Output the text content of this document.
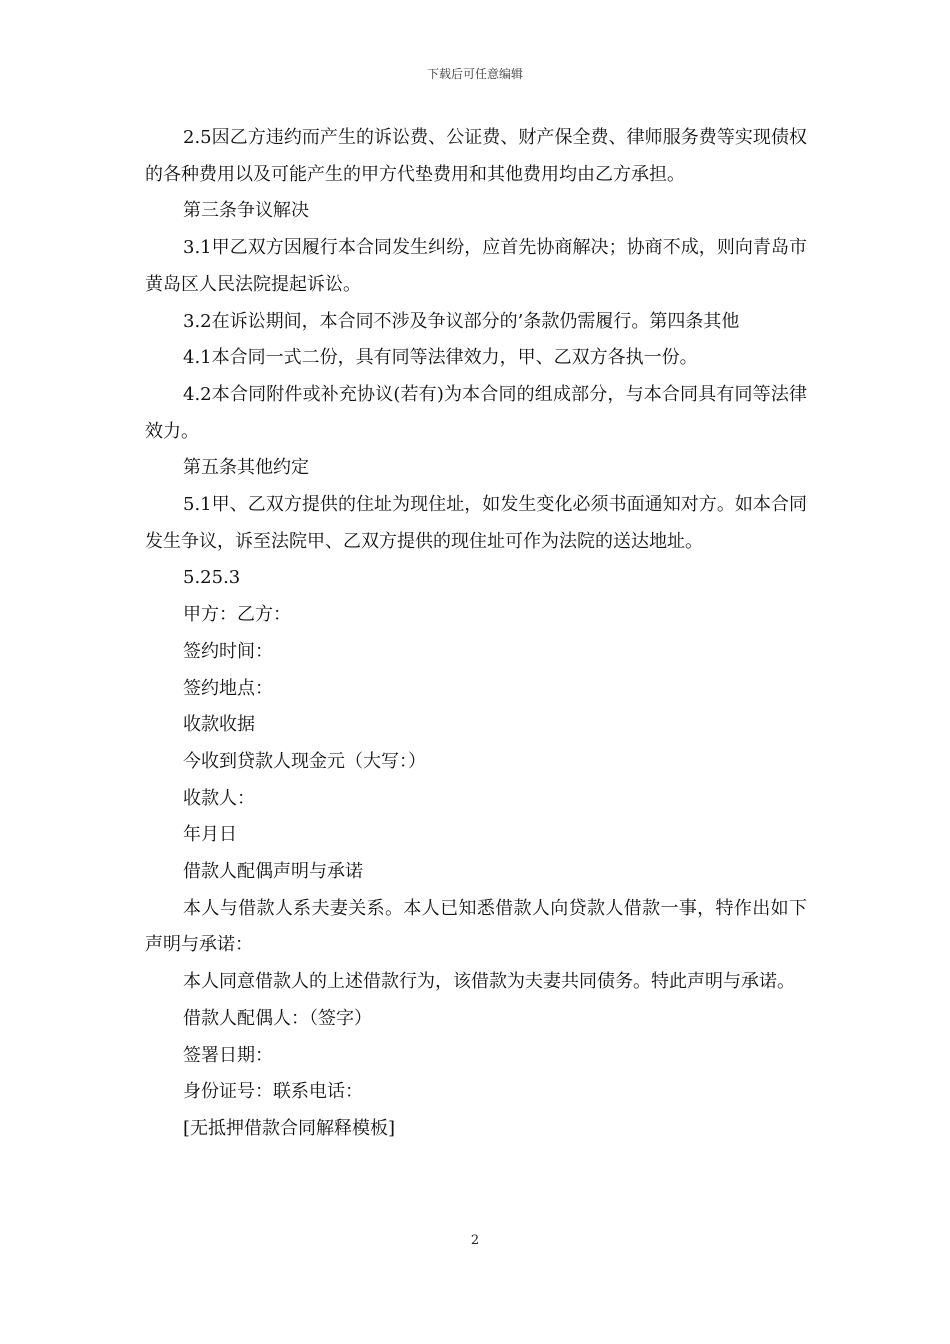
下载后可任意编辑

2.5因乙方违约而产生的诉讼费、公证费、财产保全费、律师服务费等实现债权的各种费用以及可能产生的甲方代垫费用和其他费用均由乙方承担。

第三条争议解决

3.1甲乙双方因履行本合同发生纠纷，应首先协商解决；协商不成，则向青岛市黄岛区人民法院提起诉讼。

3.2在诉讼期间，本合同不涉及争议部分的’条款仍需履行。第四条其他

4.1本合同一式二份，具有同等法律效力，甲、乙双方各执一份。

4.2本合同附件或补充协议(若有)为本合同的组成部分，与本合同具有同等法律效力。

第五条其他约定

5.1甲、乙双方提供的住址为现住址，如发生变化必须书面通知对方。如本合同发生争议，诉至法院甲、乙双方提供的现住址可作为法院的送达地址。

5.25.3

甲方：乙方：

签约时间：

签约地点：

收款收据

今收到贷款人现金元（大写：）

收款人：

年月日

借款人配偶声明与承诺

本人与借款人系夫妻关系。本人已知悉借款人向贷款人借款一事，特作出如下声明与承诺：

本人同意借款人的上述借款行为，该借款为夫妻共同债务。特此声明与承诺。

借款人配偶人：（签字）

签署日期：

身份证号：联系电话：

[无抵押借款合同解释模板]

2
